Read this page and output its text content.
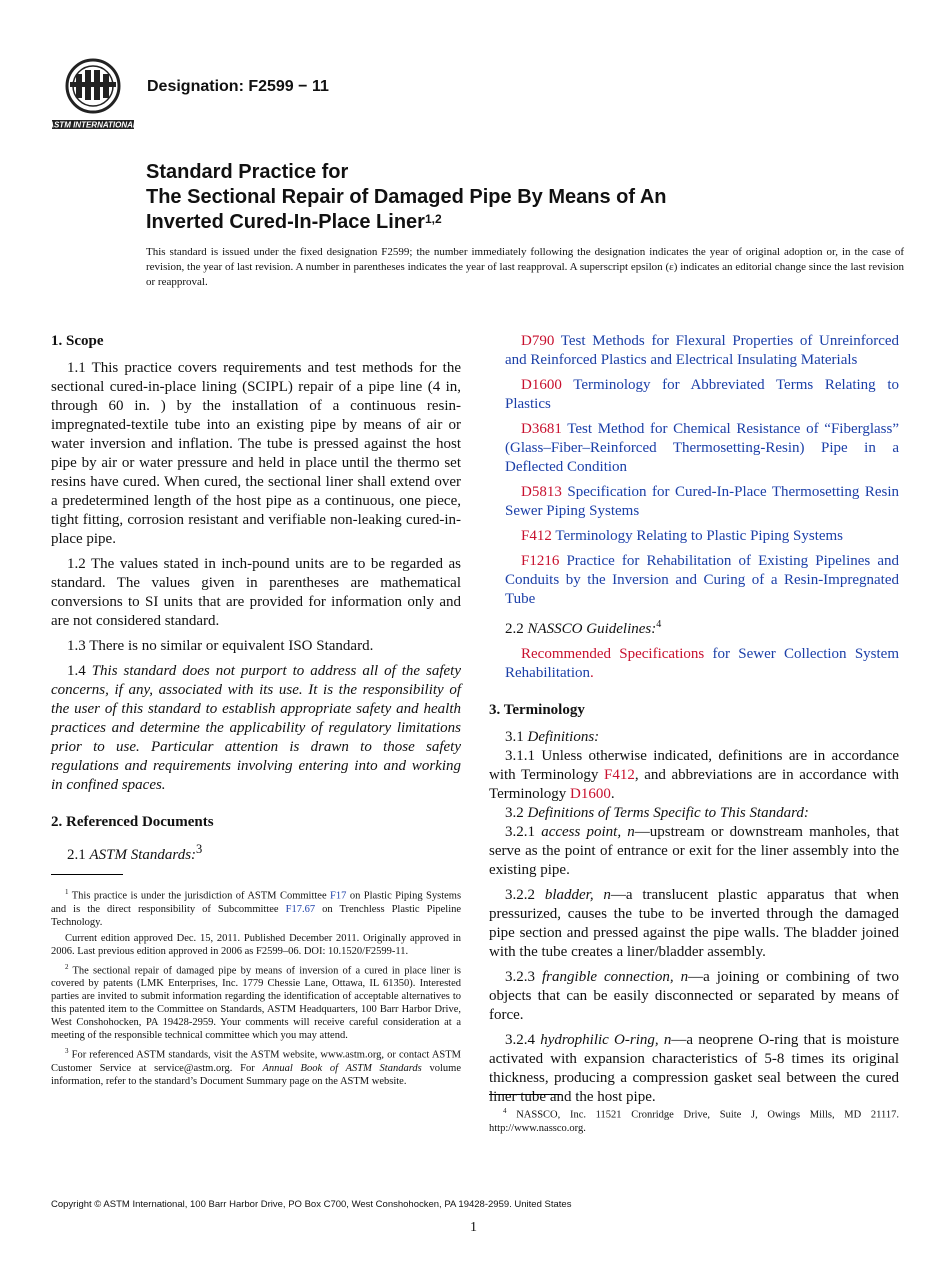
ASTM INTERNATIONAL
Designation: F2599 − 11
Standard Practice for
The Sectional Repair of Damaged Pipe By Means of An
Inverted Cured-In-Place Liner$^{1,2}$
This standard is issued under the fixed designation F2599; the number immediately following the designation indicates the year of original adoption or, in the case of revision, the year of last revision. A number in parentheses indicates the year of last reapproval. A superscript epsilon (ε) indicates an editorial change since the last revision or reapproval.
1. Scope

1.1 This practice covers requirements and test methods for the sectional cured-in-place lining (SCIPL) repair of a pipe line (4 in, through 60 in. ) by the installation of a continuous resin-impregnated-textile tube into an existing pipe by means of air or water inversion and inflation. The tube is pressed against the host pipe by air or water pressure and held in place until the thermo set resins have cured. When cured, the sectional liner shall extend over a predetermined length of the host pipe as a continuous, one piece, tight fitting, corrosion resistant and verifiable non-leaking cured-in-place pipe.

1.2 The values stated in inch-pound units are to be regarded as standard. The values given in parentheses are mathematical conversions to SI units that are provided for information only and are not considered standard.

1.3 There is no similar or equivalent ISO Standard.

1.4 This standard does not purport to address all of the safety concerns, if any, associated with its use. It is the responsibility of the user of this standard to establish appropriate safety and health practices and determine the applicability of regulatory limitations prior to use. Particular attention is drawn to those safety regulations and requirements involving entering into and working in confined spaces.

2. Referenced Documents

2.1 ASTM Standards:$^3$

$^1$ This practice is under the jurisdiction of ASTM Committee F17 on Plastic Piping Systems and is the direct responsibility of Subcommittee F17.67 on Trenchless Plastic Pipeline Technology.

Current edition approved Dec. 15, 2011. Published December 2011. Originally approved in 2006. Last previous edition approved in 2006 as F2599–06. DOI: 10.1520/F2599-11.

$^2$ The sectional repair of damaged pipe by means of inversion of a cured in place liner is covered by patents (LMK Enterprises, Inc. 1779 Chessie Lane, Ottawa, IL 61350). Interested parties are invited to submit information regarding the identification of acceptable alternatives to this patented item to the Committee on Standards, ASTM Headquarters, 100 Barr Harbor Drive, West Conshohocken, PA 19428-2959. Your comments will receive careful consideration at a meeting of the responsible technical committee which you may attend.

$^3$ For referenced ASTM standards, visit the ASTM website, www.astm.org, or contact ASTM Customer Service at service@astm.org. For Annual Book of ASTM Standards volume information, refer to the standard’s Document Summary page on the ASTM website.

D790 Test Methods for Flexural Properties of Unreinforced and Reinforced Plastics and Electrical Insulating Materials

D1600 Terminology for Abbreviated Terms Relating to Plastics

D3681 Test Method for Chemical Resistance of “Fiberglass” (Glass–Fiber–Reinforced Thermosetting-Resin) Pipe in a Deflected Condition

D5813 Specification for Cured-In-Place Thermosetting Resin Sewer Piping Systems

F412 Terminology Relating to Plastic Piping Systems

F1216 Practice for Rehabilitation of Existing Pipelines and Conduits by the Inversion and Curing of a Resin-Impregnated Tube

2.2 NASSCO Guidelines:$^4$

Recommended Specifications for Sewer Collection System Rehabilitation.

3. Terminology

3.1 Definitions:

3.1.1 Unless otherwise indicated, definitions are in accordance with Terminology F412, and abbreviations are in accordance with Terminology D1600.

3.2 Definitions of Terms Specific to This Standard:

3.2.1 access point, n—upstream or downstream manholes, that serve as the point of entrance or exit for the liner assembly into the existing pipe.

3.2.2 bladder, n—a translucent plastic apparatus that when pressurized, causes the tube to be inverted through the damaged pipe section and pressed against the pipe walls. The bladder joined with the tube creates a liner/bladder assembly.

3.2.3 frangible connection, n—a joining or combining of two objects that can be easily disconnected or separated by means of force.

3.2.4 hydrophilic O-ring, n—a neoprene O-ring that is moisture activated with expansion characteristics of 5-8 times its original thickness, producing a compression gasket seal between the cured liner tube and the host pipe.

$^4$ NASSCO, Inc. 11521 Cronridge Drive, Suite J, Owings Mills, MD 21117. http://www.nassco.org.

Copyright © ASTM International, 100 Barr Harbor Drive, PO Box C700, West Conshohocken, PA 19428-2959. United States
1
